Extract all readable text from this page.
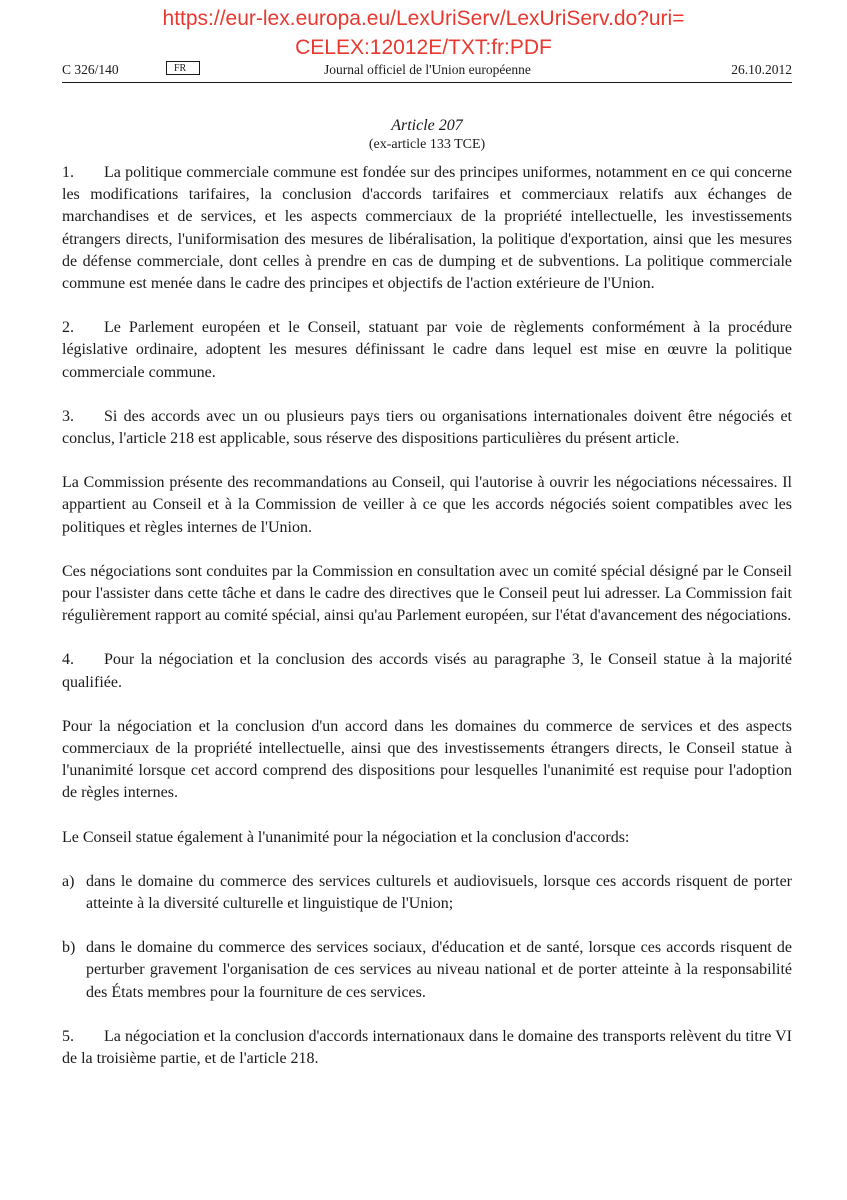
https://eur-lex.europa.eu/LexUriServ/LexUriServ.do?uri=
CELEX:12012E/TXT:fr:PDF
C 326/140	FR	Journal officiel de l'Union européenne	26.10.2012
Article 207
(ex-article 133 TCE)

1. La politique commerciale commune est fondée sur des principes uniformes, notamment en ce qui concerne les modifications tarifaires, la conclusion d'accords tarifaires et commerciaux relatifs aux échanges de marchandises et de services, et les aspects commerciaux de la propriété intellectuelle, les investissements étrangers directs, l'uniformisation des mesures de libéralisation, la politique d'exportation, ainsi que les mesures de défense commerciale, dont celles à prendre en cas de dumping et de subventions. La politique commerciale commune est menée dans le cadre des principes et objectifs de l'action extérieure de l'Union.

2. Le Parlement européen et le Conseil, statuant par voie de règlements conformément à la procédure législative ordinaire, adoptent les mesures définissant le cadre dans lequel est mise en œuvre la politique commerciale commune.

3. Si des accords avec un ou plusieurs pays tiers ou organisations internationales doivent être négociés et conclus, l'article 218 est applicable, sous réserve des dispositions particulières du présent article.

La Commission présente des recommandations au Conseil, qui l'autorise à ouvrir les négociations nécessaires. Il appartient au Conseil et à la Commission de veiller à ce que les accords négociés soient compatibles avec les politiques et règles internes de l'Union.

Ces négociations sont conduites par la Commission en consultation avec un comité spécial désigné par le Conseil pour l'assister dans cette tâche et dans le cadre des directives que le Conseil peut lui adresser. La Commission fait régulièrement rapport au comité spécial, ainsi qu'au Parlement européen, sur l'état d'avancement des négociations.

4. Pour la négociation et la conclusion des accords visés au paragraphe 3, le Conseil statue à la majorité qualifiée.

Pour la négociation et la conclusion d'un accord dans les domaines du commerce de services et des aspects commerciaux de la propriété intellectuelle, ainsi que des investissements étrangers directs, le Conseil statue à l'unanimité lorsque cet accord comprend des dispositions pour lesquelles l'unanimité est requise pour l'adoption de règles internes.

Le Conseil statue également à l'unanimité pour la négociation et la conclusion d'accords:

a) dans le domaine du commerce des services culturels et audiovisuels, lorsque ces accords risquent de porter atteinte à la diversité culturelle et linguistique de l'Union;
b) dans le domaine du commerce des services sociaux, d'éducation et de santé, lorsque ces accords risquent de perturber gravement l'organisation de ces services au niveau national et de porter atteinte à la responsabilité des États membres pour la fourniture de ces services.

5. La négociation et la conclusion d'accords internationaux dans le domaine des transports relèvent du titre VI de la troisième partie, et de l'article 218.
